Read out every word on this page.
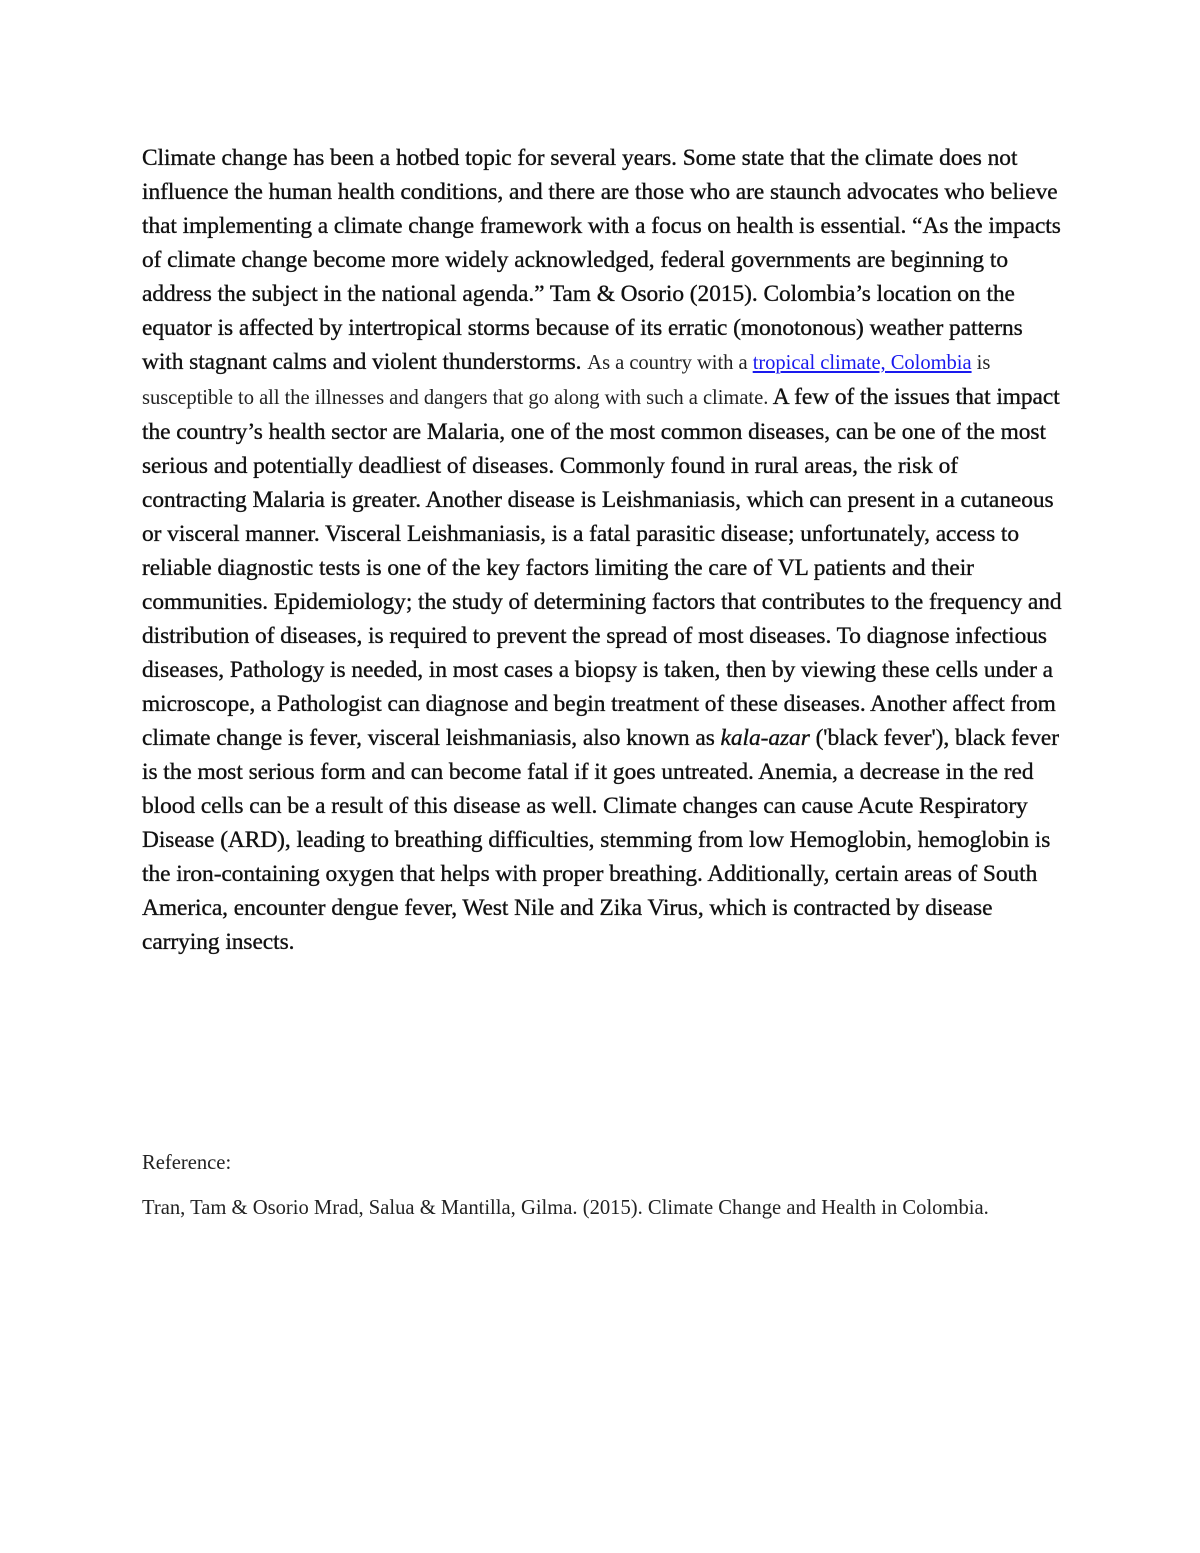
Climate change has been a hotbed topic for several years. Some state that the climate does not influence the human health conditions, and there are those who are staunch advocates who believe that implementing a climate change framework with a focus on health is essential. “As the impacts of climate change become more widely acknowledged, federal governments are beginning to address the subject in the national agenda.” Tam & Osorio (2015). Colombia’s location on the equator is affected by intertropical storms because of its erratic (monotonous) weather patterns with stagnant calms and violent thunderstorms. As a country with a tropical climate, Colombia is susceptible to all the illnesses and dangers that go along with such a climate. A few of the issues that impact the country’s health sector are Malaria, one of the most common diseases, can be one of the most serious and potentially deadliest of diseases. Commonly found in rural areas, the risk of contracting Malaria is greater. Another disease is Leishmaniasis, which can present in a cutaneous or visceral manner. Visceral Leishmaniasis, is a fatal parasitic disease; unfortunately, access to reliable diagnostic tests is one of the key factors limiting the care of VL patients and their communities. Epidemiology; the study of determining factors that contributes to the frequency and distribution of diseases, is required to prevent the spread of most diseases. To diagnose infectious diseases, Pathology is needed, in most cases a biopsy is taken, then by viewing these cells under a microscope, a Pathologist can diagnose and begin treatment of these diseases. Another affect from climate change is fever, visceral leishmaniasis, also known as kala-azar ('black fever'), black fever is the most serious form and can become fatal if it goes untreated. Anemia, a decrease in the red blood cells can be a result of this disease as well. Climate changes can cause Acute Respiratory Disease (ARD), leading to breathing difficulties, stemming from low Hemoglobin, hemoglobin is the iron-containing oxygen that helps with proper breathing. Additionally, certain areas of South America, encounter dengue fever, West Nile and Zika Virus, which is contracted by disease carrying insects.

Reference:

Tran, Tam & Osorio Mrad, Salua & Mantilla, Gilma. (2015). Climate Change and Health in Colombia.
